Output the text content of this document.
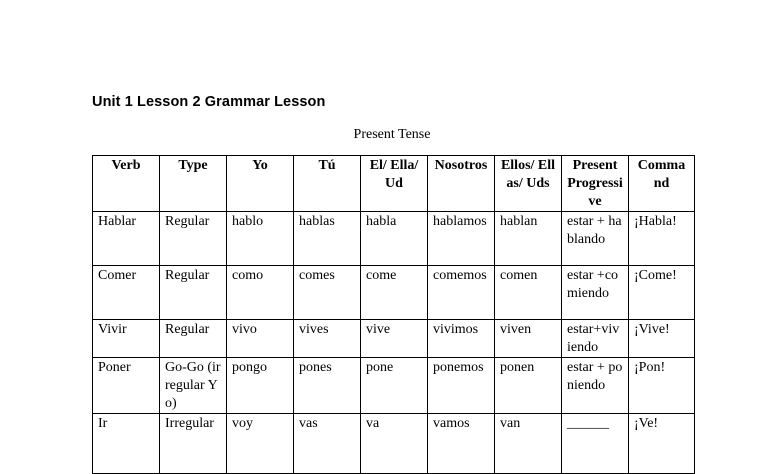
Unit 1 Lesson 2 Grammar Lesson
Present Tense
Verb	Type	Yo	Tú	El/ Ella/Ud	Nosotros	Ellos/ Ellas/ Uds	Present Progressive	Command
Hablar	Regular	hablo	hablas	habla	hablamos	hablan	estar + hablando	¡Habla!
Comer	Regular	como	comes	come	comemos	comen	estar +comiendo	¡Come!
Vivir	Regular	vivo	vives	vive	vivimos	viven	estar+viviendo	¡Vive!
Poner	Go-Go (irregular Yo)	pongo	pones	pone	ponemos	ponen	estar + poniendo	¡Pon!
Ir	Irregular	voy	vas	va	vamos	van	______	¡Ve!
